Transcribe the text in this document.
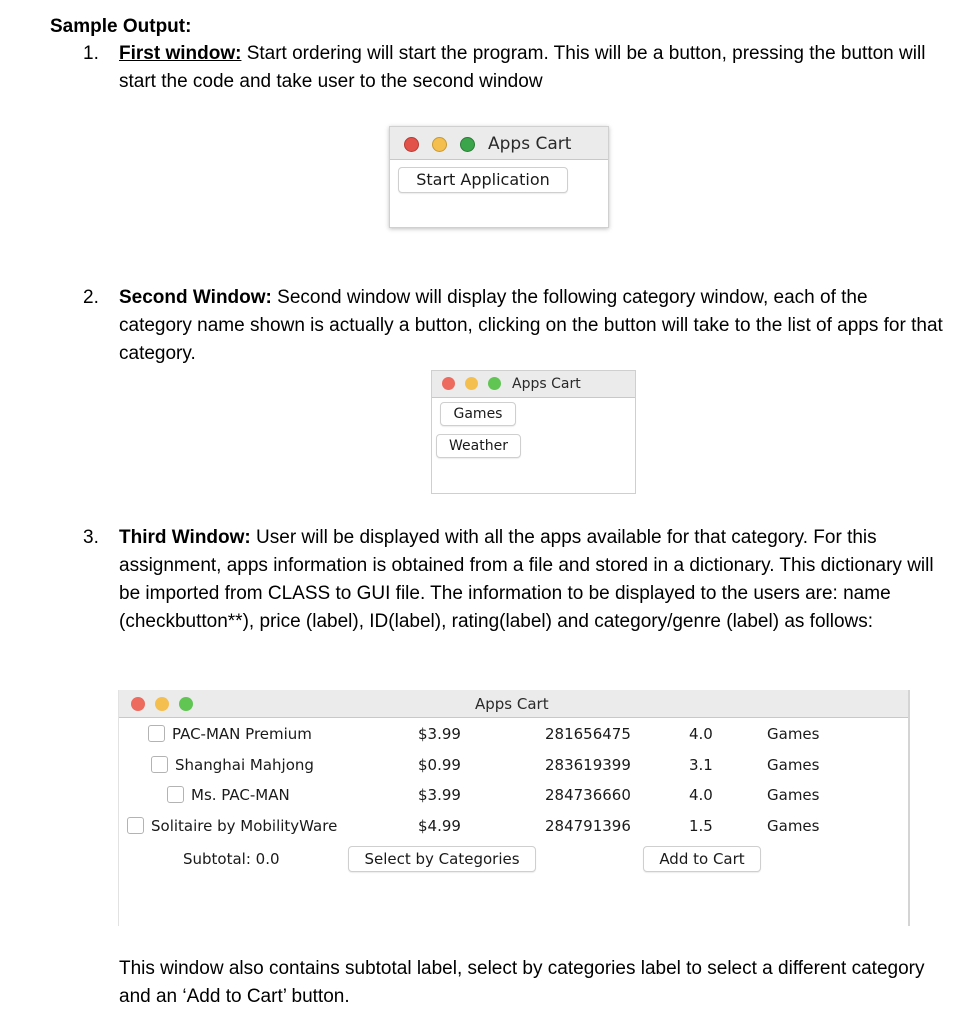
Sample Output:
1. First window: Start ordering will start the program. This will be a button, pressing the button will start the code and take user to the second window
Apps Cart
Start Application
2. Second Window: Second window will display the following category window, each of the category name shown is actually a button, clicking on the button will take to the list of apps for that category.
Apps Cart
Games
Weather
3. Third Window: User will be displayed with all the apps available for that category. For this assignment, apps information is obtained from a file and stored in a dictionary. This dictionary will be imported from CLASS to GUI file. The information to be displayed to the users are: name (checkbutton**), price (label), ID(label), rating(label) and category/genre (label) as follows:
Apps Cart
PAC-MAN Premium	$3.99	281656475	4.0	Games
Shanghai Mahjong	$0.99	283619399	3.1	Games
Ms. PAC-MAN	$3.99	284736660	4.0	Games
Solitaire by MobilityWare	$4.99	284791396	1.5	Games
Subtotal: 0.0	Select by Categories	Add to Cart
This window also contains subtotal label, select by categories label to select a different category and an ‘Add to Cart’ button.
